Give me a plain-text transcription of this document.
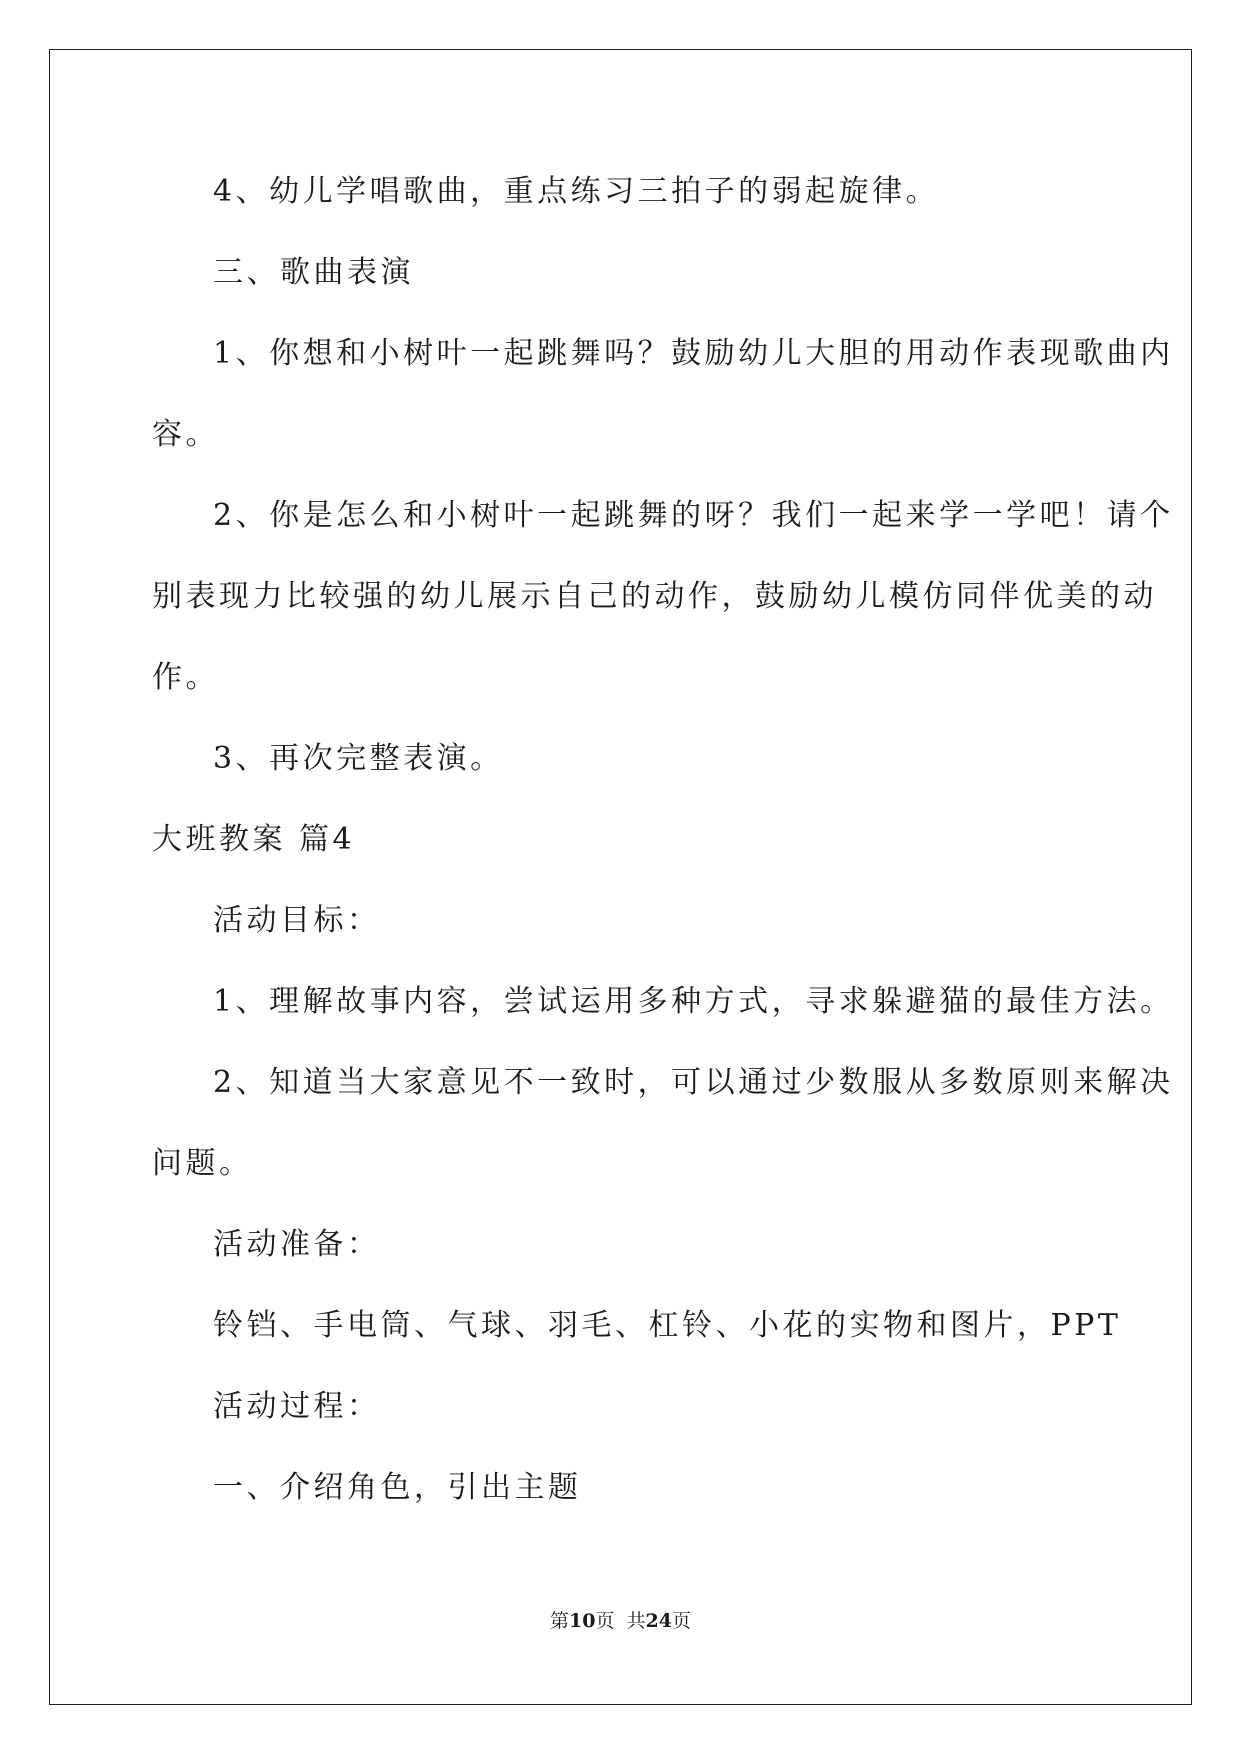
4、幼儿学唱歌曲，重点练习三拍子的弱起旋律。
三、歌曲表演
1、你想和小树叶一起跳舞吗？鼓励幼儿大胆的用动作表现歌曲内
容。
2、你是怎么和小树叶一起跳舞的呀？我们一起来学一学吧！请个
别表现力比较强的幼儿展示自己的动作，鼓励幼儿模仿同伴优美的动
作。
3、再次完整表演。
大班教案 篇4
活动目标：
1、理解故事内容，尝试运用多种方式，寻求躲避猫的最佳方法。
2、知道当大家意见不一致时，可以通过少数服从多数原则来解决
问题。
活动准备：
铃铛、手电筒、气球、羽毛、杠铃、小花的实物和图片，PPT
活动过程：
一、介绍角色，引出主题
第10页  共24页
